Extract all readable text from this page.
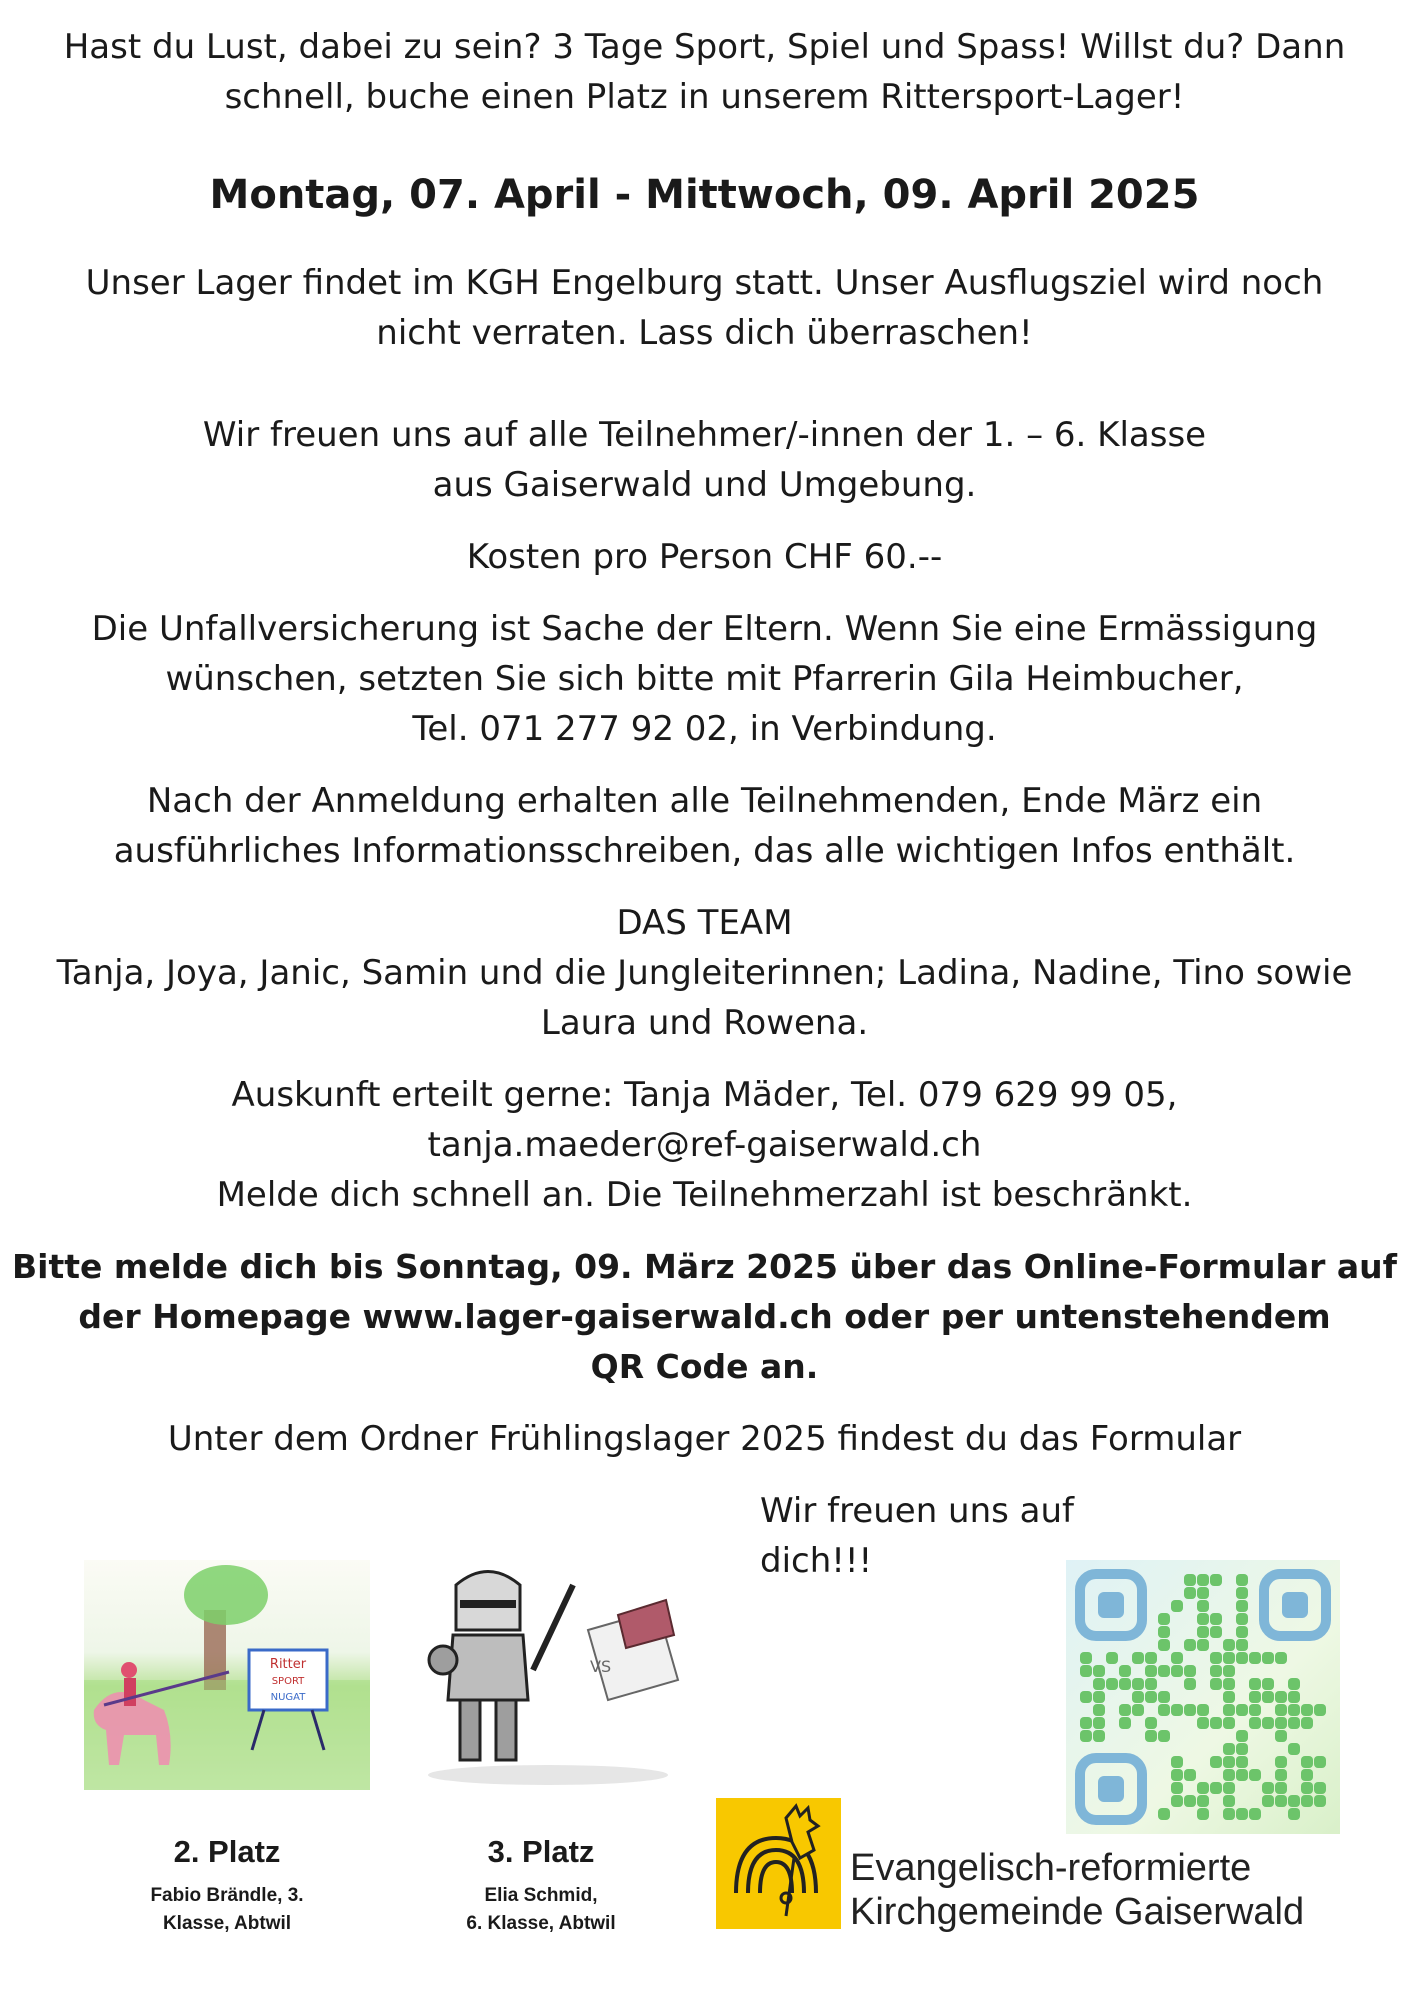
Hast du Lust, dabei zu sein? 3 Tage Sport, Spiel und Spass! Willst du? Dann
schnell, buche einen Platz in unserem Rittersport-Lager!
Montag, 07. April - Mittwoch, 09. April 2025
Unser Lager findet im KGH Engelburg statt. Unser Ausflugsziel wird noch
nicht verraten. Lass dich überraschen!
Wir freuen uns auf alle Teilnehmer/-innen der 1. – 6. Klasse
aus Gaiserwald und Umgebung.
Kosten pro Person CHF 60.--
Die Unfallversicherung ist Sache der Eltern. Wenn Sie eine Ermässigung
wünschen, setzten Sie sich bitte mit Pfarrerin Gila Heimbucher,
Tel. 071 277 92 02, in Verbindung.
Nach der Anmeldung erhalten alle Teilnehmenden, Ende März ein
ausführliches Informationsschreiben, das alle wichtigen Infos enthält.
DAS TEAM
Tanja, Joya, Janic, Samin und die Jungleiterinnen; Ladina, Nadine, Tino sowie
Laura und Rowena.
Auskunft erteilt gerne: Tanja Mäder, Tel. 079 629 99 05,
tanja.maeder@ref-gaiserwald.ch
Melde dich schnell an. Die Teilnehmerzahl ist beschränkt.
Bitte melde dich bis Sonntag, 09. März 2025 über das Online-Formular auf
der Homepage www.lager-gaiserwald.ch oder per untenstehendem
QR Code an.
Unter dem Ordner Frühlingslager 2025 findest du das Formular
Wir freuen uns auf dich!!!
Ritter
SPORT
NUGAT
VS
2. Platz
Fabio Brändle, 3.
Klasse, Abtwil
3. Platz
Elia Schmid,
6. Klasse, Abtwil
Evangelisch-reformierte
Kirchgemeinde Gaiserwald
